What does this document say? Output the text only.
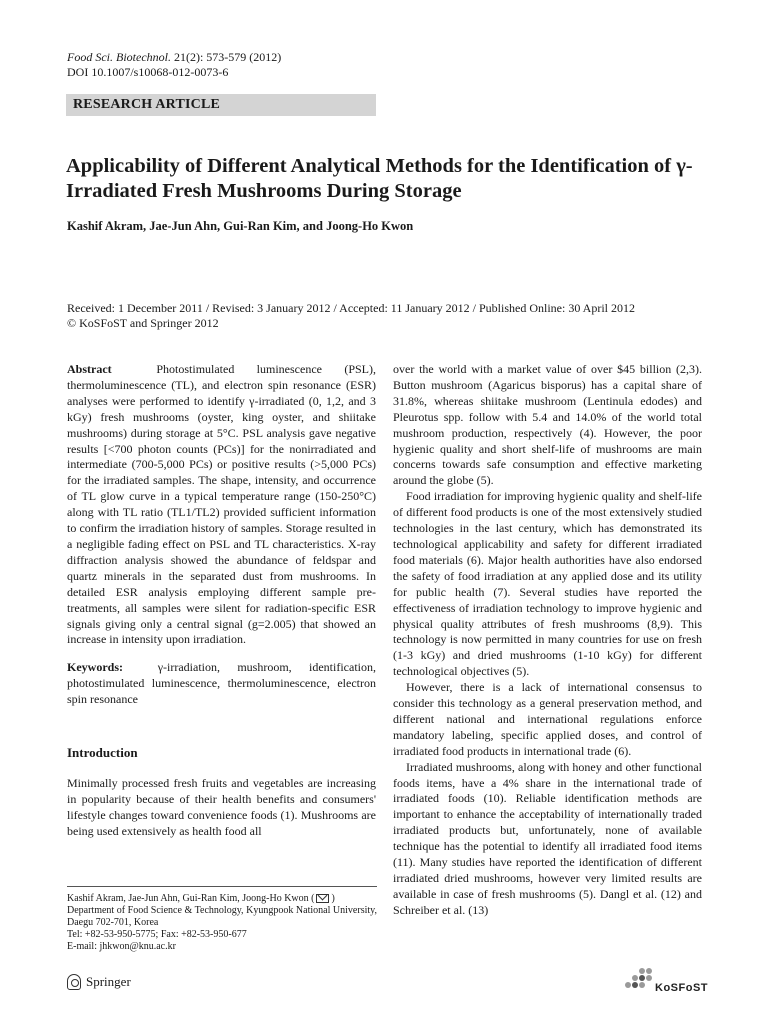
Food Sci. Biotechnol. 21(2): 573-579 (2012)
DOI 10.1007/s10068-012-0073-6
RESEARCH ARTICLE
Applicability of Different Analytical Methods for the Identification of γ-Irradiated Fresh Mushrooms During Storage
Kashif Akram, Jae-Jun Ahn, Gui-Ran Kim, and Joong-Ho Kwon
Received: 1 December 2011 / Revised: 3 January 2012 / Accepted: 11 January 2012 / Published Online: 30 April 2012
© KoSFoST and Springer 2012

Abstract	Photostimulated luminescence (PSL), thermoluminescence (TL), and electron spin resonance (ESR) analyses were performed to identify γ-irradiated (0, 1,2, and 3 kGy) fresh mushrooms (oyster, king oyster, and shiitake mushrooms) during storage at 5°C. PSL analysis gave negative results [<700 photon counts (PCs)] for the nonirradiated and intermediate (700-5,000 PCs) or positive results (>5,000 PCs) for the irradiated samples. The shape, intensity, and occurrence of TL glow curve in a typical temperature range (150-250°C) along with TL ratio (TL1/TL2) provided sufficient information to confirm the irradiation history of samples. Storage resulted in a negligible fading effect on PSL and TL characteristics. X-ray diffraction analysis showed the abundance of feldspar and quartz minerals in the separated dust from mushrooms. In detailed ESR analysis employing different sample pre-treatments, all samples were silent for radiation-specific ESR signals giving only a central signal (g=2.005) that showed an increase in intensity upon irradiation.

Keywords:	γ-irradiation, mushroom, identification, photostimulated luminescence, thermoluminescence, electron spin resonance

Introduction

Minimally processed fresh fruits and vegetables are increasing in popularity because of their health benefits and consumers' lifestyle changes toward convenience foods (1). Mushrooms are being used extensively as health food all

over the world with a market value of over $45 billion (2,3). Button mushroom (Agaricus bisporus) has a capital share of 31.8%, whereas shiitake mushroom (Lentinula edodes) and Pleurotus spp. follow with 5.4 and 14.0% of the world total mushroom production, respectively (4). However, the poor hygienic quality and short shelf-life of mushrooms are main concerns towards safe consumption and effective marketing around the globe (5).

Food irradiation for improving hygienic quality and shelf-life of different food products is one of the most extensively studied technologies in the last century, which has demonstrated its technological applicability and safety for different irradiated food materials (6). Major health authorities have also endorsed the safety of food irradiation at any applied dose and its utility for public health (7). Several studies have reported the effectiveness of irradiation technology to improve hygienic and physical quality attributes of fresh mushrooms (8,9). This technology is now permitted in many countries for use on fresh (1-3 kGy) and dried mushrooms (1-10 kGy) for different technological objectives (5).

However, there is a lack of international consensus to consider this technology as a general preservation method, and different national and international regulations enforce mandatory labeling, specific applied doses, and control of irradiated food products in international trade (6).

Irradiated mushrooms, along with honey and other functional foods items, have a 4% share in the international trade of irradiated foods (10). Reliable identification methods are important to enhance the acceptability of internationally traded irradiated products but, unfortunately, none of available technique has the potential to identify all irradiated food items (11). Many studies have reported the identification of different irradiated dried mushrooms, however very limited results are available in case of fresh mushrooms (5). Dangl et al. (12) and Schreiber et al. (13)

Kashif Akram, Jae-Jun Ahn, Gui-Ran Kim, Joong-Ho Kwon ( )

Department of Food Science & Technology, Kyungpook National University, Daegu 702-701, Korea

Tel: +82-53-950-5775; Fax: +82-53-950-677

E-mail: jhkwon@knu.ac.kr

Springer	KoSFoST
